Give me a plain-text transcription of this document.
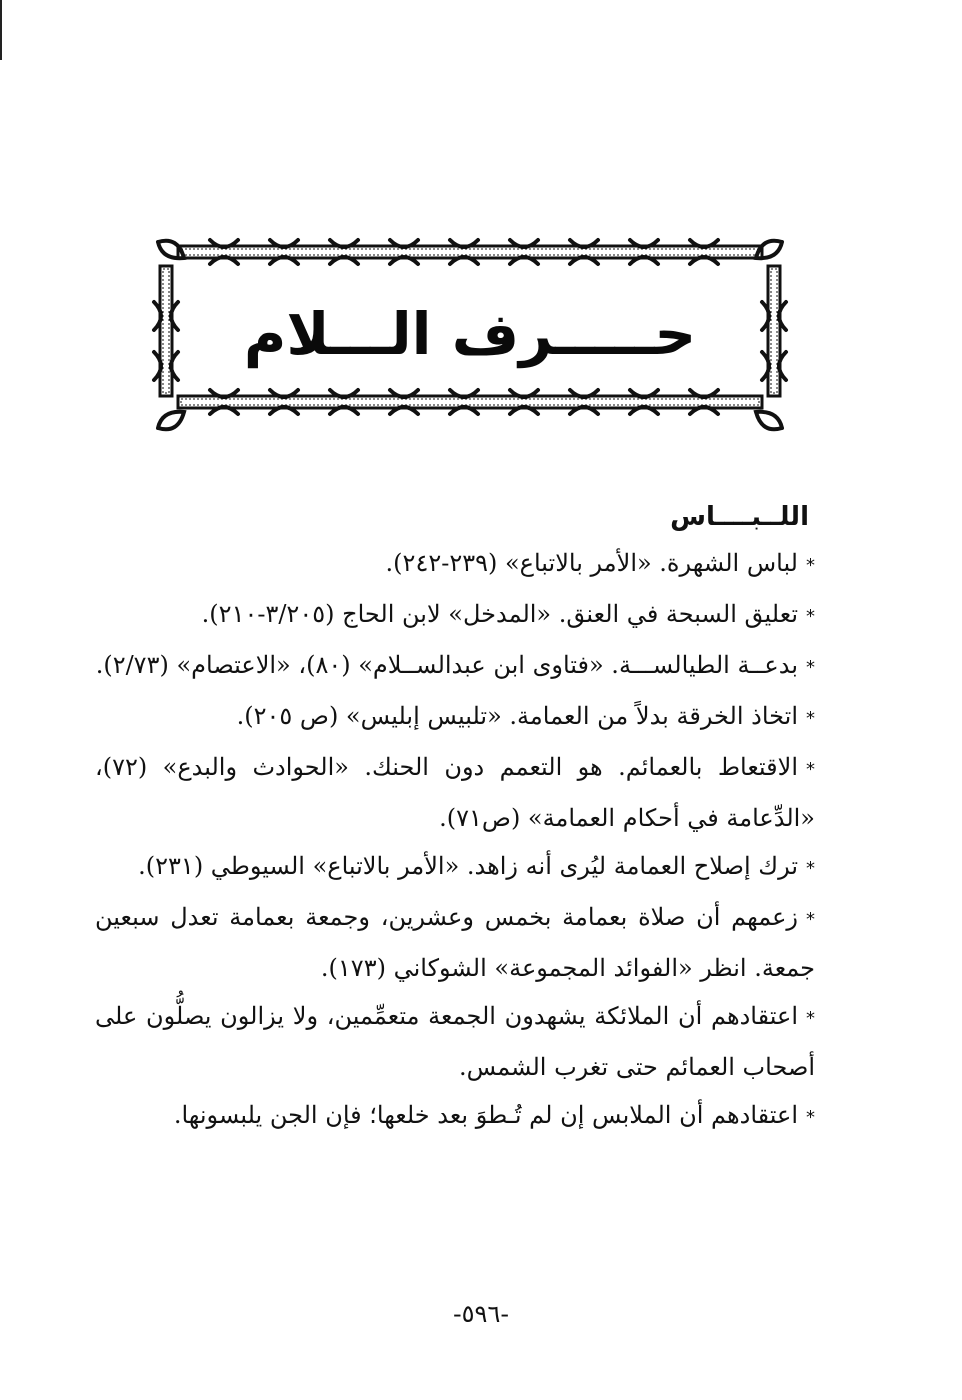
حـــــرف الـــلام
اللــبــــاس

*لباس الشهرة. «الأمر بالاتباع» (٢٣٩-٢٤٢).

*تعليق السبحة في العنق. «المدخل» لابن الحاج (٣/٢٠٥-٢١٠).

*بدعــة الطيالســـة. «فتاوى ابن عبدالســلام» (٨٠)، «الاعتصام» (٢/٧٣).

*اتخاذ الخرقة بدلاً من العمامة. «تلبيس إبليس» (ص ٢٠٥).

*الاقتعاط بالعمائم. هو التعمم دون الحنك. «الحوادث والبدع» (٧٢)، «الدِّعامة في أحكام العمامة» (ص٧١).

*ترك إصلاح العمامة ليُرى أنه زاهد. «الأمر بالاتباع» السيوطي (٢٣١).

*زعمهم أن صلاة بعمامة بخمس وعشرين، وجمعة بعمامة تعدل سبعين جمعة. انظر «الفوائد المجموعة» الشوكاني (١٧٣).

*اعتقادهم أن الملائكة يشهدون الجمعة متعمِّمين، ولا يزالون يصلُّون على أصحاب العمائم حتى تغرب الشمس.

*اعتقادهم أن الملابس إن لم تُـطوَ بعد خلعها؛ فإن الجن يلبسونها.

-٥٩٦-
